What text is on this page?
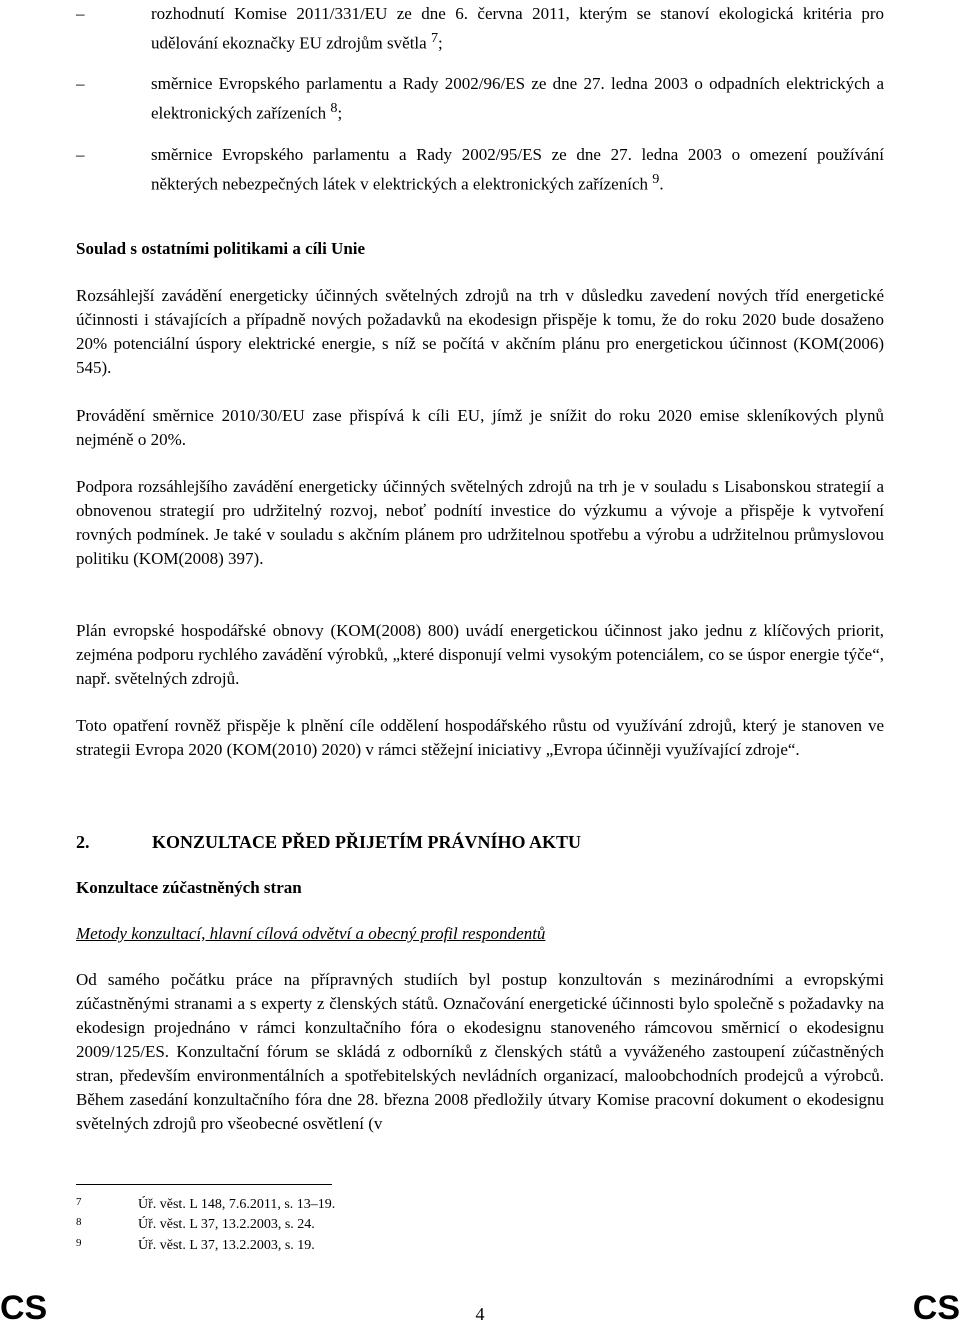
–	rozhodnutí Komise 2011/331/EU ze dne 6. června 2011, kterým se stanoví ekologická kritéria pro udělování ekoznačky EU zdrojům světla $^7$;
–	směrnice Evropského parlamentu a Rady 2002/96/ES ze dne 27. ledna 2003 o odpadních elektrických a elektronických zařízeních $^8$;
–	směrnice Evropského parlamentu a Rady 2002/95/ES ze dne 27. ledna 2003 o omezení používání některých nebezpečných látek v elektrických a elektronických zařízeních $^9$.
Soulad s ostatními politikami a cíli Unie
Rozsáhlejší zavádění energeticky účinných světelných zdrojů na trh v důsledku zavedení nových tříd energetické účinnosti i stávajících a případně nových požadavků na ekodesign přispěje k tomu, že do roku 2020 bude dosaženo 20% potenciální úspory elektrické energie, s níž se počítá v akčním plánu pro energetickou účinnost (KOM(2006) 545).
Provádění směrnice 2010/30/EU zase přispívá k cíli EU, jímž je snížit do roku 2020 emise skleníkových plynů nejméně o 20%.
Podpora rozsáhlejšího zavádění energeticky účinných světelných zdrojů na trh je v souladu s Lisabonskou strategií a obnovenou strategií pro udržitelný rozvoj, neboť podnítí investice do výzkumu a vývoje a přispěje k vytvoření rovných podmínek. Je také v souladu s akčním plánem pro udržitelnou spotřebu a výrobu a udržitelnou průmyslovou politiku (KOM(2008) 397).
Plán evropské hospodářské obnovy (KOM(2008) 800) uvádí energetickou účinnost jako jednu z klíčových priorit, zejména podporu rychlého zavádění výrobků, „které disponují velmi vysokým potenciálem, co se úspor energie týče“, např. světelných zdrojů.
Toto opatření rovněž přispěje k plnění cíle oddělení hospodářského růstu od využívání zdrojů, který je stanoven ve strategii Evropa 2020 (KOM(2010) 2020) v rámci stěžejní iniciativy „Evropa účinněji využívající zdroje“.
2.	KONZULTACE PŘED PŘIJETÍM PRÁVNÍHO AKTU
Konzultace zúčastněných stran
Metody konzultací, hlavní cílová odvětví a obecný profil respondentů
Od samého počátku práce na přípravných studiích byl postup konzultován s mezinárodními a evropskými zúčastněnými stranami a s experty z členských států. Označování energetické účinnosti bylo společně s požadavky na ekodesign projednáno v rámci konzultačního fóra o ekodesignu stanoveného rámcovou směrnicí o ekodesignu 2009/125/ES. Konzultační fórum se skládá z odborníků z členských států a vyváženého zastoupení zúčastněných stran, především environmentálních a spotřebitelských nevládních organizací, maloobchodních prodejců a výrobců. Během zasedání konzultačního fóra dne 28. března 2008 předložily útvary Komise pracovní dokument o ekodesignu světelných zdrojů pro všeobecné osvětlení (v
7	Úř. věst. L 148, 7.6.2011, s. 13–19.
8	Úř. věst. L 37, 13.2.2003, s. 24.
9	Úř. věst. L 37, 13.2.2003, s. 19.
CS	4	CS
